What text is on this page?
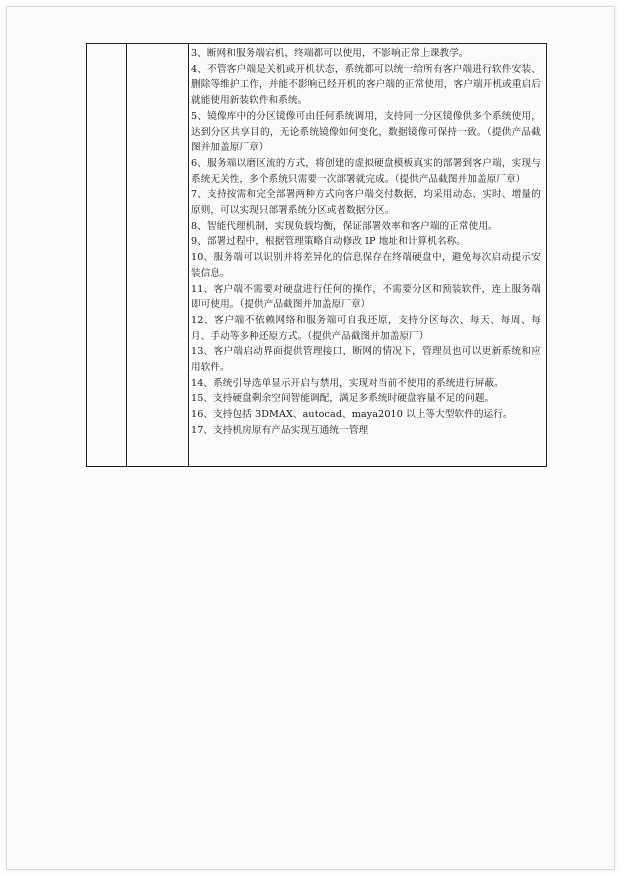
3、断网和服务端宕机，终端都可以使用，不影响正常上课教学。

4、不管客户端是关机或开机状态，系统都可以统一给所有客户端进行软件安装、删除等维护工作，并能不影响已经开机的客户端的正常使用，客户端开机或重启后就能使用新装软件和系统。

5、镜像库中的分区镜像可由任何系统调用，支持同一分区镜像供多个系统使用，达到分区共享目的，无论系统镜像如何变化，数据镜像可保持一致。（提供产品截图并加盖原厂章）

6、服务端以磨区流的方式，将创建的虚拟硬盘模板真实的部署到客户端，实现与系统无关性，多个系统只需要一次部署就完成。（提供产品截图并加盖原厂章）

7、支持按需和完全部署两种方式向客户端交付数据，均采用动态、实时、增量的原则，可以实现只部署系统分区或者数据分区。

8、智能代理机制，实现负载均衡，保证部署效率和客户端的正常使用。

9、部署过程中，根据管理策略自动修改 IP 地址和计算机名称。

10、服务端可以识别并将差异化的信息保存在终端硬盘中，避免每次启动提示安装信息。

11、客户端不需要对硬盘进行任何的操作，不需要分区和预装软件，连上服务端即可使用。（提供产品截图并加盖原厂章）

12、客户端不依赖网络和服务端可自我还原，支持分区每次、每天、每周、每月、手动等多种还原方式。（提供产品截图并加盖原厂）

13、客户端启动界面提供管理接口，断网的情况下，管理员也可以更新系统和应用软件。

14、系统引导选单显示开启与禁用，实现对当前不使用的系统进行屏蔽。

15、支持硬盘剩余空间智能调配，满足多系统时硬盘容量不足的问题。

16、支持包括 3DMAX、autocad、maya2010 以上等大型软件的运行。

17、支持机房原有产品实现互通统一管理
